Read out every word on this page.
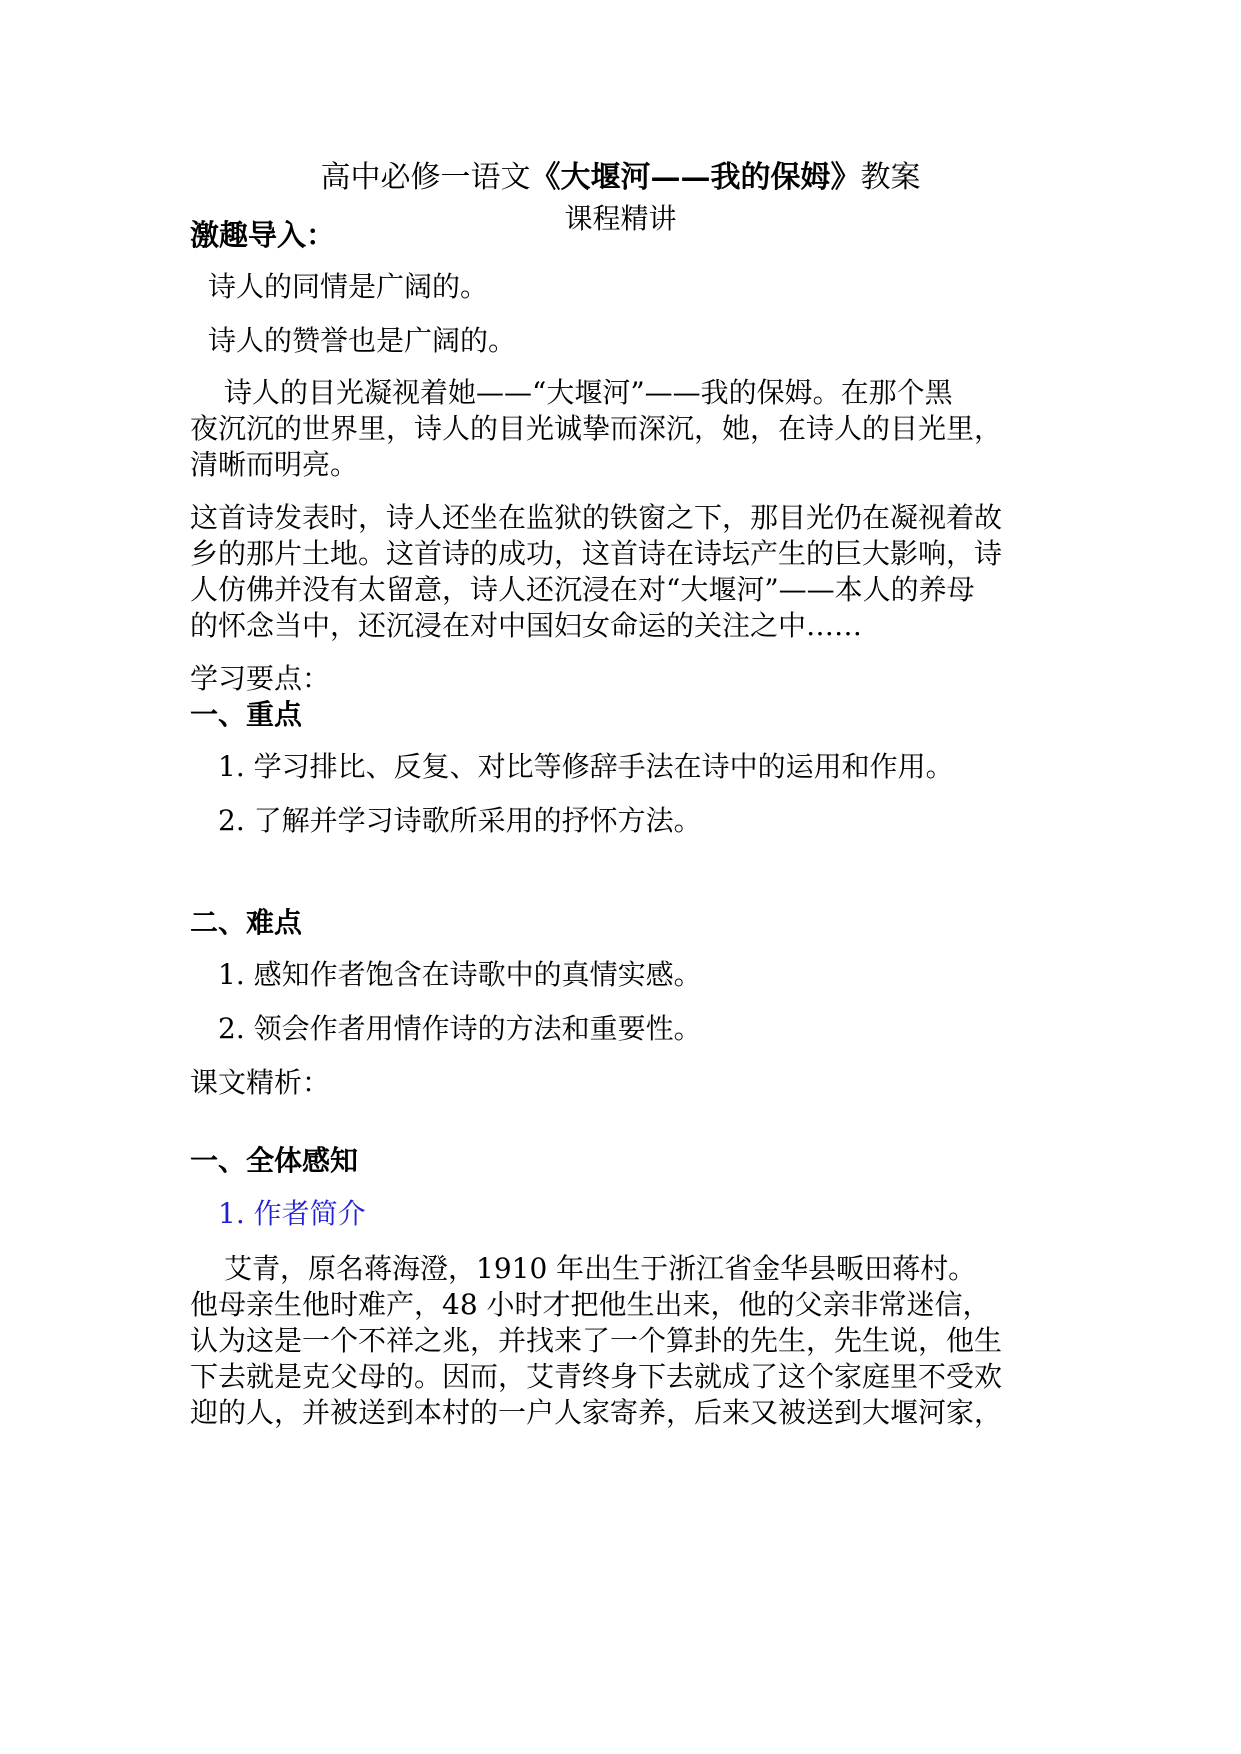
高中必修一语文《大堰河——我的保姆》教案
课程精讲
激趣导入：
诗人的同情是广阔的。
诗人的赞誉也是广阔的。
诗人的目光凝视着她——“大堰河”——我的保姆。在那个黑
夜沉沉的世界里，诗人的目光诚挚而深沉，她，在诗人的目光里，
清晰而明亮。
这首诗发表时，诗人还坐在监狱的铁窗之下，那目光仍在凝视着故
乡的那片土地。这首诗的成功，这首诗在诗坛产生的巨大影响，诗
人仿佛并没有太留意，诗人还沉浸在对“大堰河”——本人的养母
的怀念当中，还沉浸在对中国妇女命运的关注之中……
学习要点：
一、重点
1. 学习排比、反复、对比等修辞手法在诗中的运用和作用。
2. 了解并学习诗歌所采用的抒怀方法。
二、难点
1. 感知作者饱含在诗歌中的真情实感。
2. 领会作者用情作诗的方法和重要性。
课文精析：
一、全体感知
1. 作者简介
艾青，原名蒋海澄，1910 年出生于浙江省金华县畈田蒋村。
他母亲生他时难产，48 小时才把他生出来，他的父亲非常迷信，
认为这是一个不祥之兆，并找来了一个算卦的先生，先生说，他生
下去就是克父母的。因而，艾青终身下去就成了这个家庭里不受欢
迎的人，并被送到本村的一户人家寄养，后来又被送到大堰河家，
